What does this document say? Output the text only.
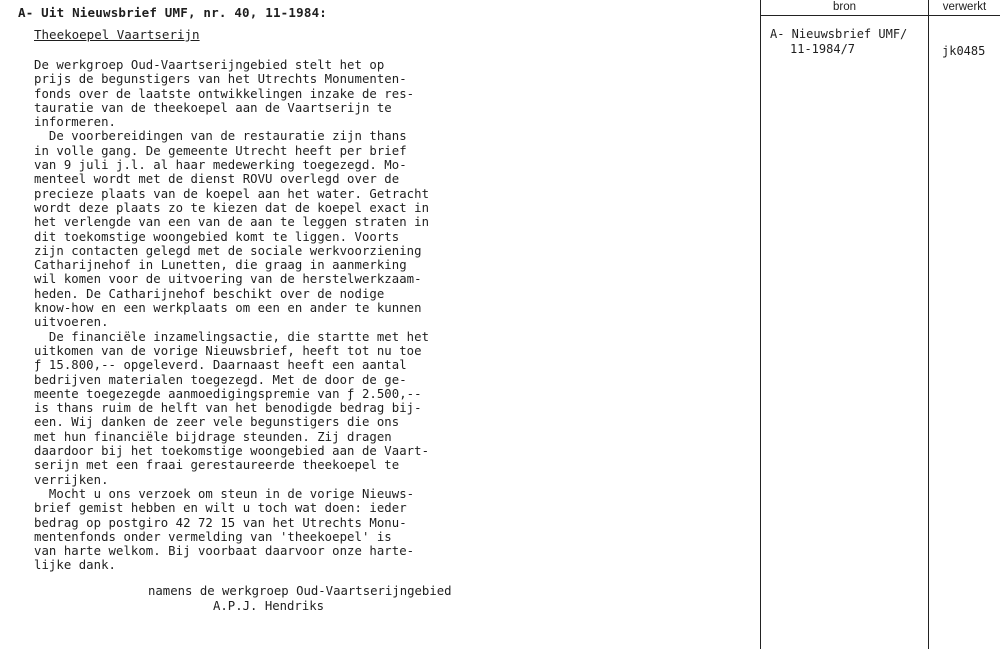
A- Uit Nieuwsbrief UMF, nr. 40, 11-1984:
Theekoepel Vaartserijn
De werkgroep Oud-Vaartserijngebied stelt het op
prijs de begunstigers van het Utrechts Monumenten-
fonds over de laatste ontwikkelingen inzake de res-
tauratie van de theekoepel aan de Vaartserijn te
informeren.
De voorbereidingen van de restauratie zijn thans
in volle gang. De gemeente Utrecht heeft per brief
van 9 juli j.l. al haar medewerking toegezegd. Mo-
menteel wordt met de dienst ROVU overlegd over de
precieze plaats van de koepel aan het water. Getracht
wordt deze plaats zo te kiezen dat de koepel exact in
het verlengde van een van de aan te leggen straten in
dit toekomstige woongebied komt te liggen. Voorts
zijn contacten gelegd met de sociale werkvoorziening
Catharijnehof in Lunetten, die graag in aanmerking
wil komen voor de uitvoering van de herstelwerkzaam-
heden. De Catharijnehof beschikt over de nodige
know-how en een werkplaats om een en ander te kunnen
uitvoeren.
De financiële inzamelingsactie, die startte met het
uitkomen van de vorige Nieuwsbrief, heeft tot nu toe
ƒ 15.800,-- opgeleverd. Daarnaast heeft een aantal
bedrijven materialen toegezegd. Met de door de ge-
meente toegezegde aanmoedigingspremie van ƒ 2.500,--
is thans ruim de helft van het benodigde bedrag bij-
een. Wij danken de zeer vele begunstigers die ons
met hun financiële bijdrage steunden. Zij dragen
daardoor bij het toekomstige woongebied aan de Vaart-
serijn met een fraai gerestaureerde theekoepel te
verrijken.
Mocht u ons verzoek om steun in de vorige Nieuws-
brief gemist hebben en wilt u toch wat doen: ieder
bedrag op postgiro 42 72 15 van het Utrechts Monu-
mentenfonds onder vermelding van 'theekoepel' is
van harte welkom. Bij voorbaat daarvoor onze harte-
lijke dank.

namens de werkgroep Oud-Vaartserijngebied

A.P.J. Hendriks

bron	verwerkt
A- Nieuwsbrief UMF/
11-1984/7	jk0485
